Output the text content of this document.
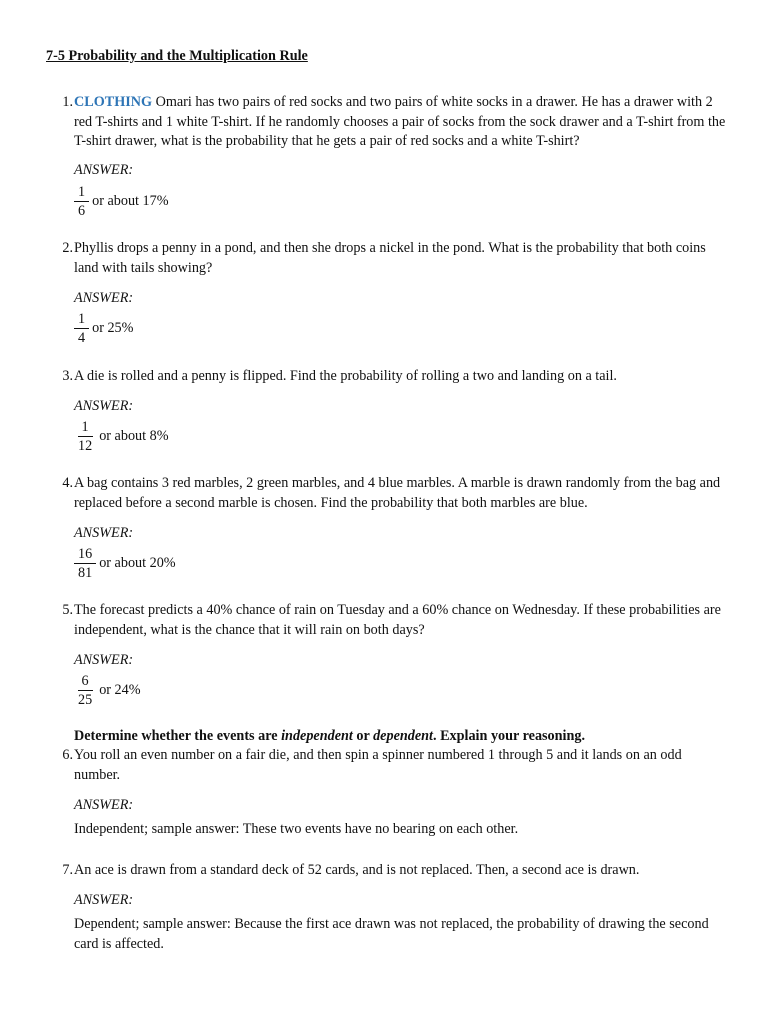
7-5 Probability and the Multiplication Rule
1. CLOTHING Omari has two pairs of red socks and two pairs of white socks in a drawer. He has a drawer with 2 red T-shirts and 1 white T-shirt. If he randomly chooses a pair of socks from the sock drawer and a T-shirt from the T-shirt drawer, what is the probability that he gets a pair of red socks and a white T-shirt?
ANSWER:
$\frac{1}{6}$ or about 17%
2. Phyllis drops a penny in a pond, and then she drops a nickel in the pond. What is the probability that both coins land with tails showing?
ANSWER:
$\frac{1}{4}$ or 25%
3. A die is rolled and a penny is flipped. Find the probability of rolling a two and landing on a tail.
ANSWER:
$\frac{1}{12}$ or about 8%
4. A bag contains 3 red marbles, 2 green marbles, and 4 blue marbles. A marble is drawn randomly from the bag and replaced before a second marble is chosen. Find the probability that both marbles are blue.
ANSWER:
$\frac{16}{81}$ or about 20%
5. The forecast predicts a 40% chance of rain on Tuesday and a 60% chance on Wednesday. If these probabilities are independent, what is the chance that it will rain on both days?
ANSWER:
$\frac{6}{25}$ or 24%
Determine whether the events are independent or dependent. Explain your reasoning.
6. You roll an even number on a fair die, and then spin a spinner numbered 1 through 5 and it lands on an odd number.
ANSWER:
Independent; sample answer: These two events have no bearing on each other.
7. An ace is drawn from a standard deck of 52 cards, and is not replaced. Then, a second ace is drawn.
ANSWER:
Dependent; sample answer: Because the first ace drawn was not replaced, the probability of drawing the second card is affected.
